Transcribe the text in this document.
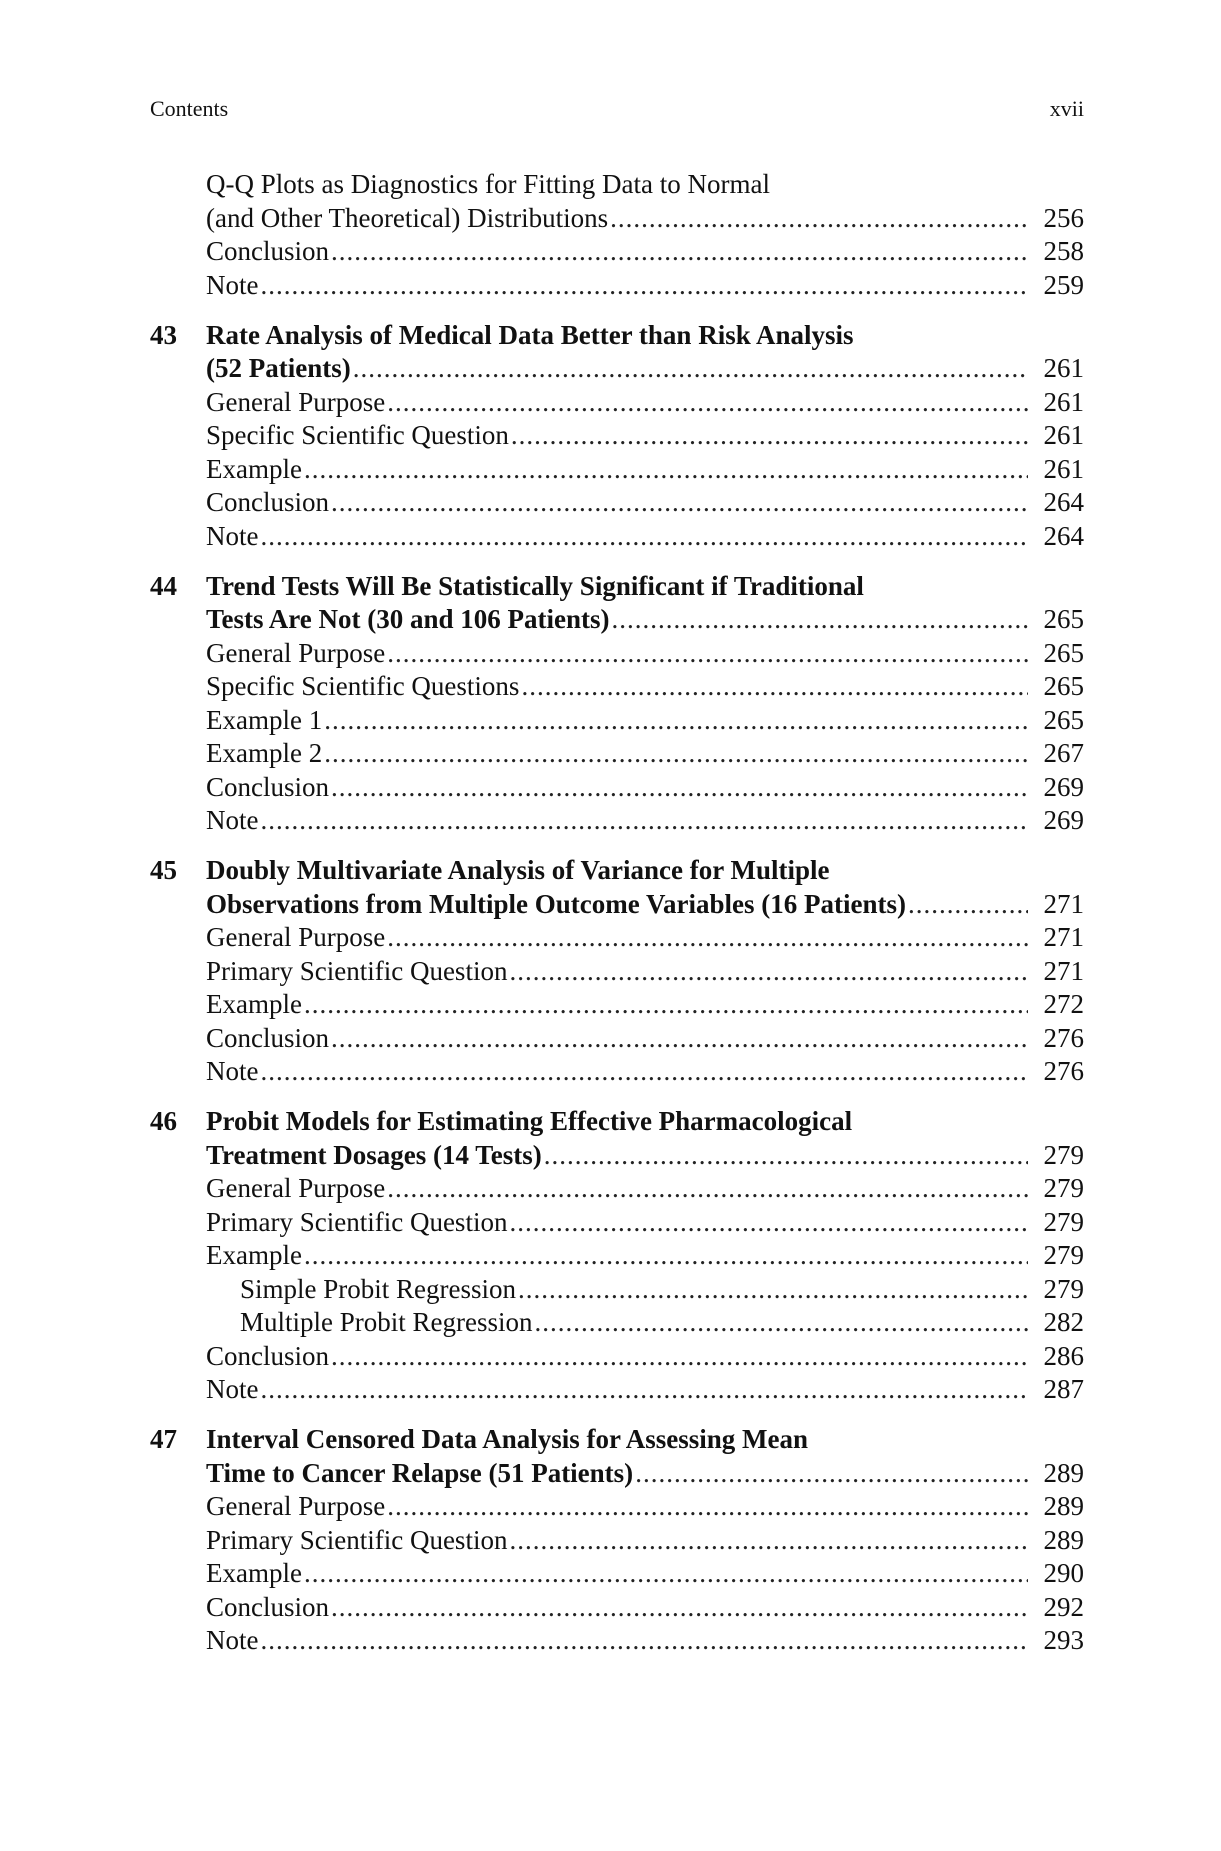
Contents	xvii
Q-Q Plots as Diagnostics for Fitting Data to Normal
(and Other Theoretical) Distributions .....	256
Conclusion .....	258
Note .....	259
43 Rate Analysis of Medical Data Better than Risk Analysis
(52 Patients) .....	261
General Purpose .....	261
Specific Scientific Question .....	261
Example .....	261
Conclusion .....	264
Note .....	264
44 Trend Tests Will Be Statistically Significant if Traditional
Tests Are Not (30 and 106 Patients) .....	265
General Purpose .....	265
Specific Scientific Questions .....	265
Example 1 .....	265
Example 2 .....	267
Conclusion .....	269
Note .....	269
45 Doubly Multivariate Analysis of Variance for Multiple
Observations from Multiple Outcome Variables (16 Patients) .....	271
General Purpose .....	271
Primary Scientific Question .....	271
Example .....	272
Conclusion .....	276
Note .....	276
46 Probit Models for Estimating Effective Pharmacological
Treatment Dosages (14 Tests) .....	279
General Purpose .....	279
Primary Scientific Question .....	279
Example .....	279
Simple Probit Regression .....	279
Multiple Probit Regression .....	282
Conclusion .....	286
Note .....	287
47 Interval Censored Data Analysis for Assessing Mean
Time to Cancer Relapse (51 Patients) .....	289
General Purpose .....	289
Primary Scientific Question .....	289
Example .....	290
Conclusion .....	292
Note .....	293
